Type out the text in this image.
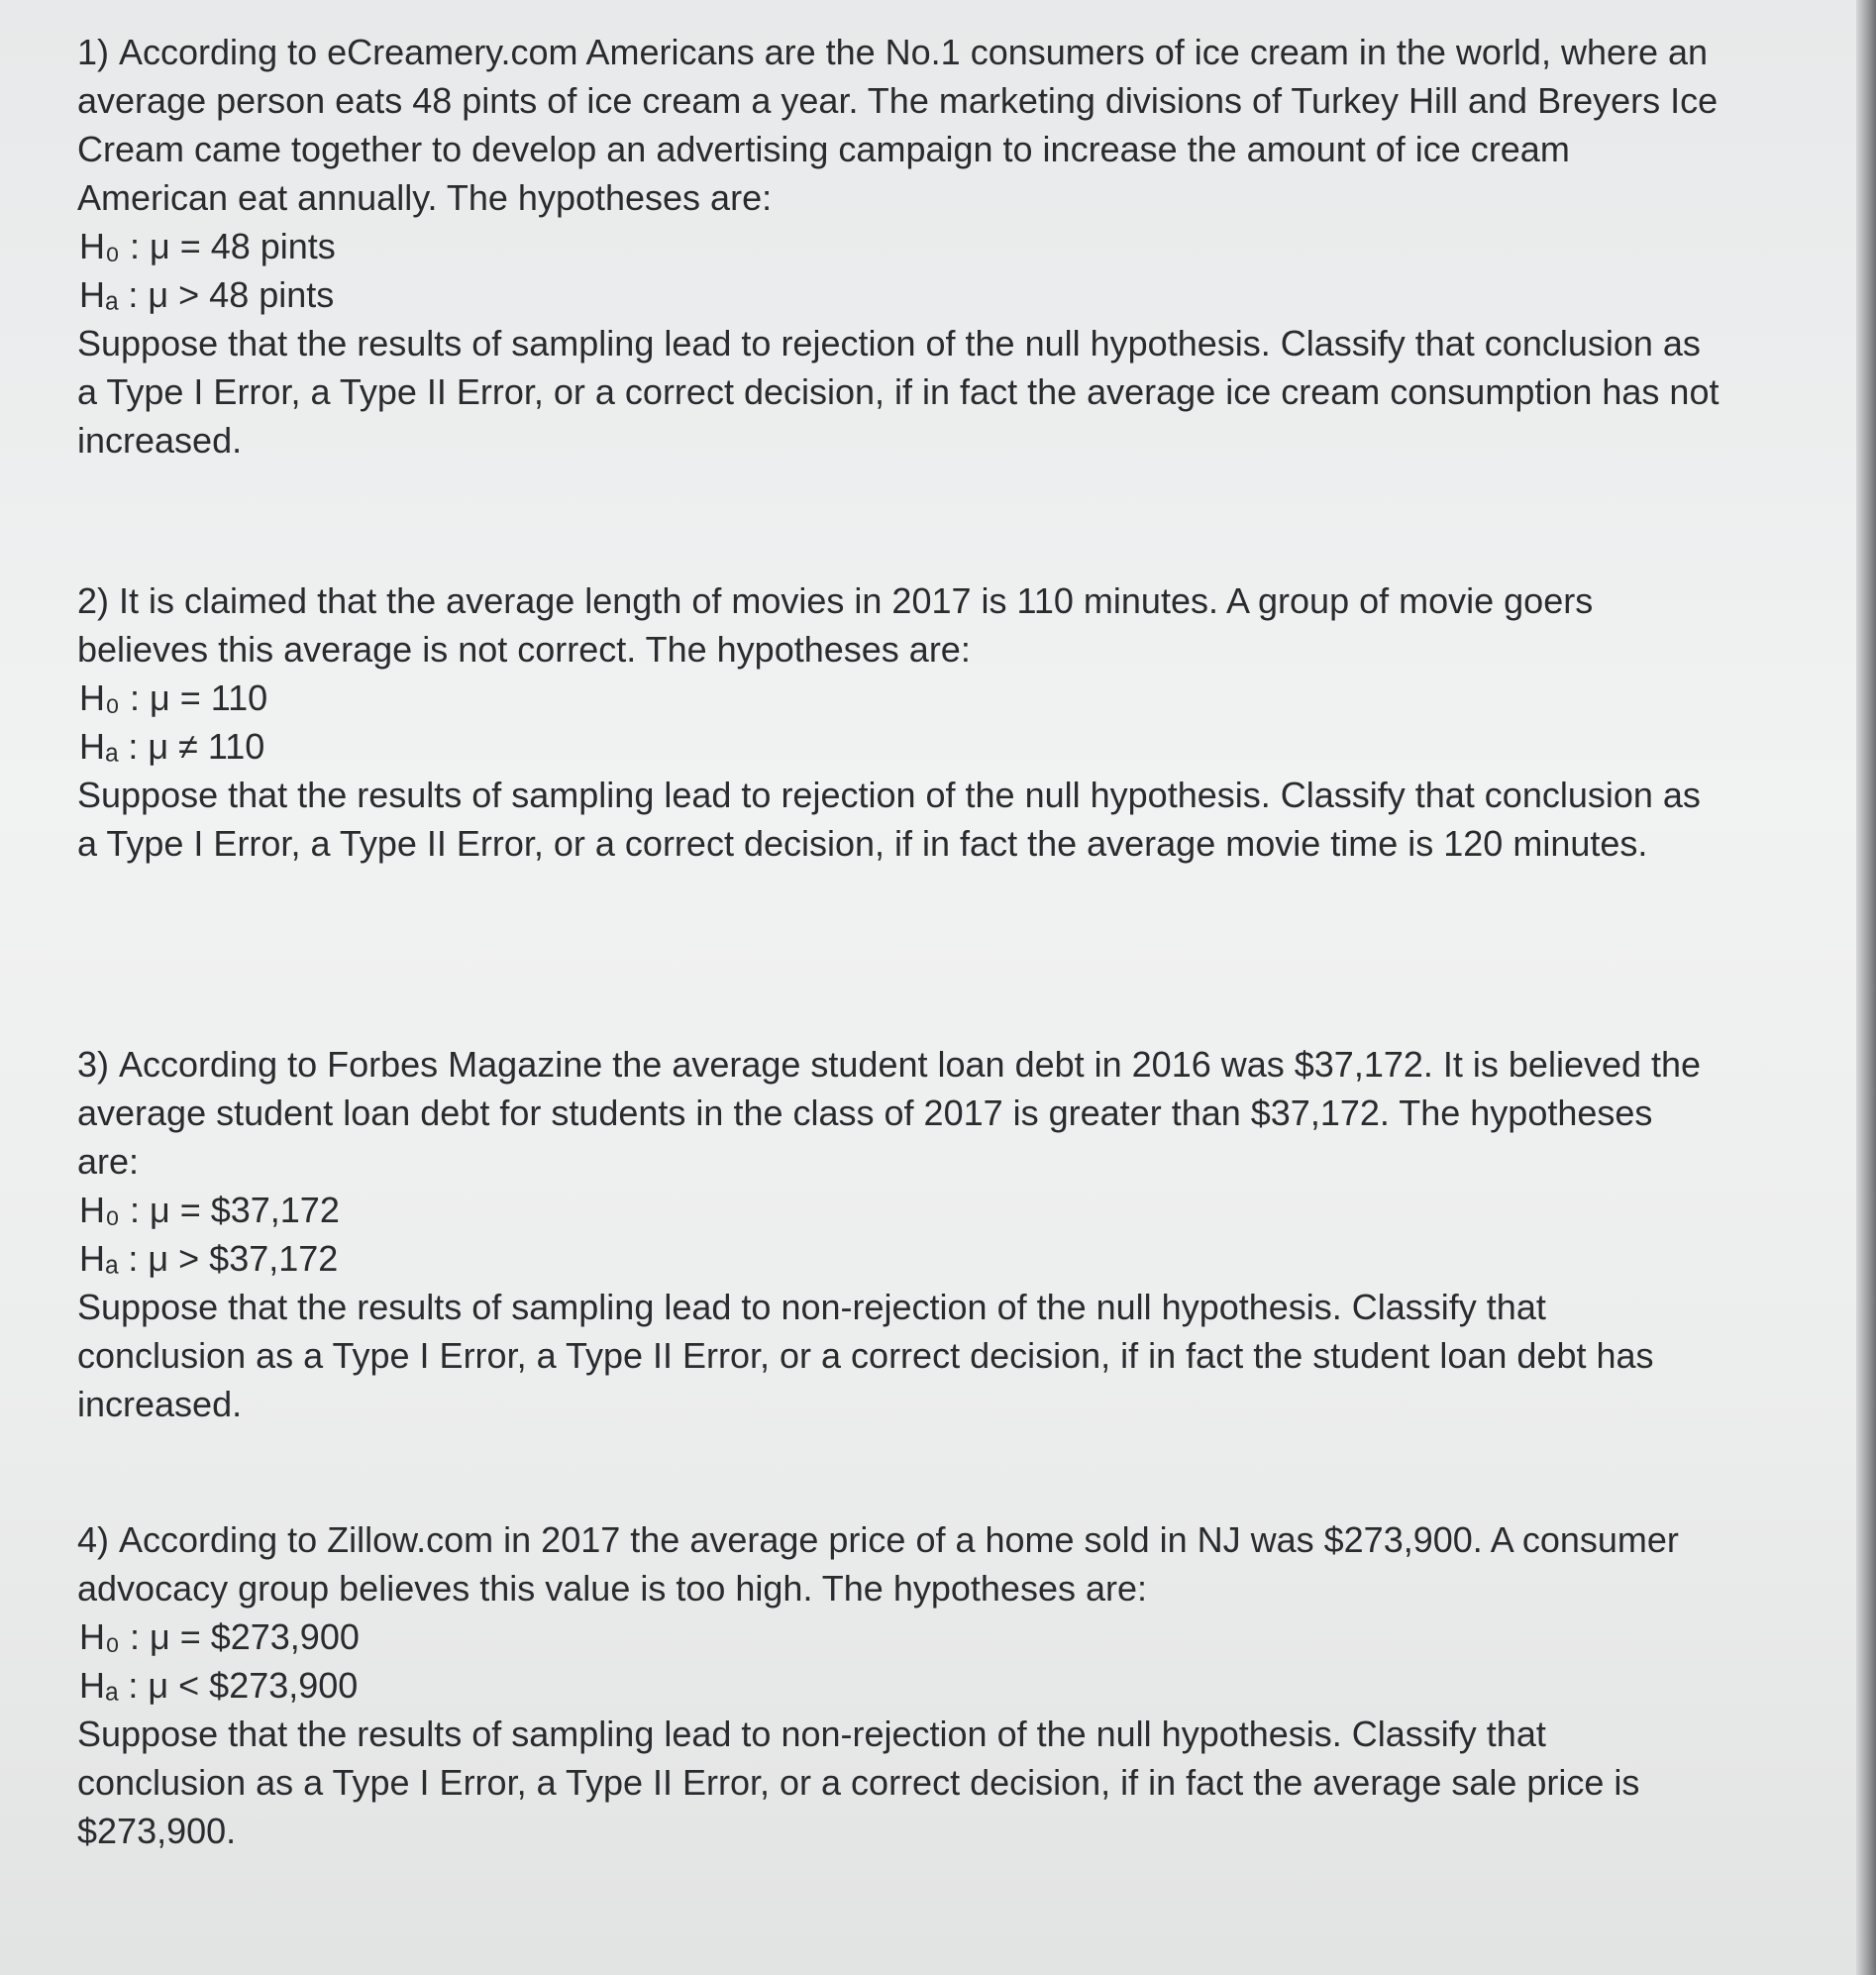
1) According to eCreamery.com Americans are the No.1 consumers of ice cream in the world, where an average person eats 48 pints of ice cream a year. The marketing divisions of Turkey Hill and Breyers Ice Cream came together to develop an advertising campaign to increase the amount of ice cream American eat annually. The hypotheses are:

H₀ : μ = 48 pints

Hₐ : μ > 48 pints

Suppose that the results of sampling lead to rejection of the null hypothesis. Classify that conclusion as a Type I Error, a Type II Error, or a correct decision, if in fact the average ice cream consumption has not increased.

2) It is claimed that the average length of movies in 2017 is 110 minutes. A group of movie goers believes this average is not correct. The hypotheses are:

H₀ : μ = 110

Hₐ : μ ≠ 110

Suppose that the results of sampling lead to rejection of the null hypothesis. Classify that conclusion as a Type I Error, a Type II Error, or a correct decision, if in fact the average movie time is 120 minutes.

3) According to Forbes Magazine the average student loan debt in 2016 was $37,172. It is believed the average student loan debt for students in the class of 2017 is greater than $37,172. The hypotheses are:

H₀ : μ = $37,172

Hₐ : μ > $37,172

Suppose that the results of sampling lead to non-rejection of the null hypothesis. Classify that conclusion as a Type I Error, a Type II Error, or a correct decision, if in fact the student loan debt has increased.

4) According to Zillow.com in 2017 the average price of a home sold in NJ was $273,900. A consumer advocacy group believes this value is too high. The hypotheses are:

H₀ : μ = $273,900

Hₐ : μ < $273,900

Suppose that the results of sampling lead to non-rejection of the null hypothesis. Classify that conclusion as a Type I Error, a Type II Error, or a correct decision, if in fact the average sale price is $273,900.
